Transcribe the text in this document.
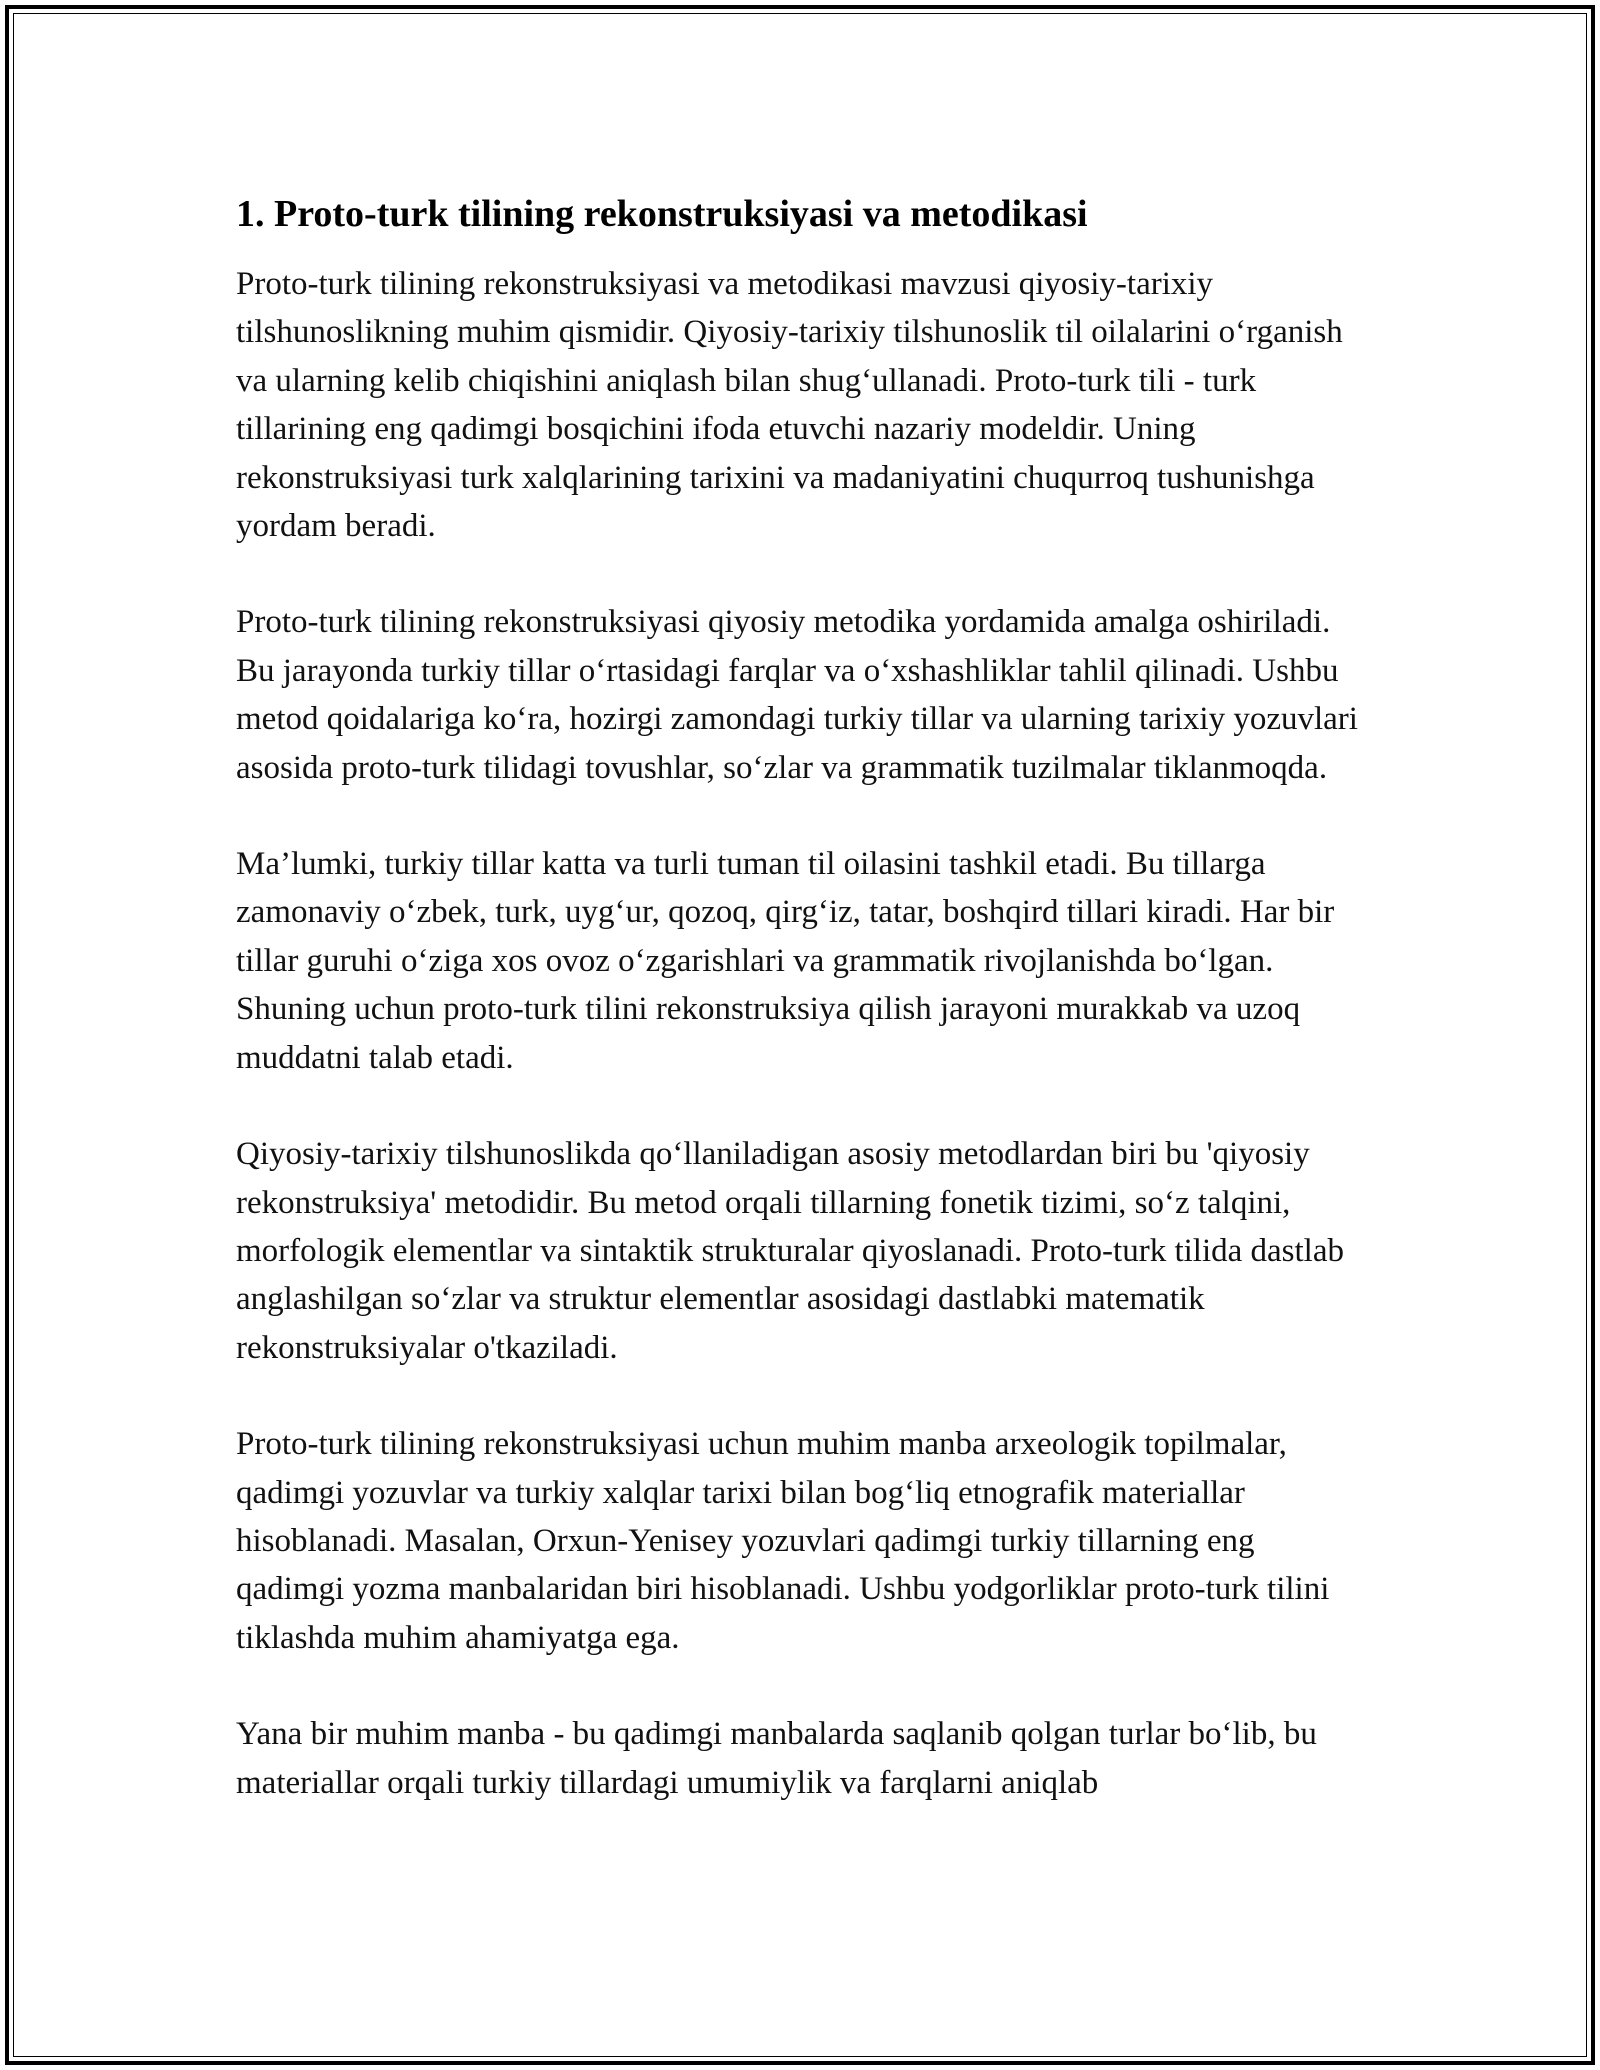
1. Proto-turk tilining rekonstruksiyasi va metodikasi

Proto-turk tilining rekonstruksiyasi va metodikasi mavzusi qiyosiy-tarixiy tilshunoslikning muhim qismidir. Qiyosiy-tarixiy tilshunoslik til oilalarini oʻrganish va ularning kelib chiqishini aniqlash bilan shugʻullanadi. Proto-turk tili - turk tillarining eng qadimgi bosqichini ifoda etuvchi nazariy modeldir. Uning rekonstruksiyasi turk xalqlarining tarixini va madaniyatini chuqurroq tushunishga yordam beradi.

Proto-turk tilining rekonstruksiyasi qiyosiy metodika yordamida amalga oshiriladi. Bu jarayonda turkiy tillar oʻrtasidagi farqlar va oʻxshashliklar tahlil qilinadi. Ushbu metod qoidalariga koʻra, hozirgi zamondagi turkiy tillar va ularning tarixiy yozuvlari asosida proto-turk tilidagi tovushlar, soʻzlar va grammatik tuzilmalar tiklanmoqda.

Ma’lumki, turkiy tillar katta va turli tuman til oilasini tashkil etadi. Bu tillarga zamonaviy oʻzbek, turk, uygʻur, qozoq, qirgʻiz, tatar, boshqird tillari kiradi. Har bir tillar guruhi oʻziga xos ovoz oʻzgarishlari va grammatik rivojlanishda boʻlgan. Shuning uchun proto-turk tilini rekonstruksiya qilish jarayoni murakkab va uzoq muddatni talab etadi.

Qiyosiy-tarixiy tilshunoslikda qoʻllaniladigan asosiy metodlardan biri bu 'qiyosiy rekonstruksiya' metodidir. Bu metod orqali tillarning fonetik tizimi, soʻz talqini, morfologik elementlar va sintaktik strukturalar qiyoslanadi. Proto-turk tilida dastlab anglashilgan soʻzlar va struktur elementlar asosidagi dastlabki matematik rekonstruksiyalar o'tkaziladi.

Proto-turk tilining rekonstruksiyasi uchun muhim manba arxeologik topilmalar, qadimgi yozuvlar va turkiy xalqlar tarixi bilan bogʻliq etnografik materiallar hisoblanadi. Masalan, Orxun-Yenisey yozuvlari qadimgi turkiy tillarning eng qadimgi yozma manbalaridan biri hisoblanadi. Ushbu yodgorliklar proto-turk tilini tiklashda muhim ahamiyatga ega.

Yana bir muhim manba - bu qadimgi manbalarda saqlanib qolgan turlar boʻlib, bu materiallar orqali turkiy tillardagi umumiylik va farqlarni aniqlab
